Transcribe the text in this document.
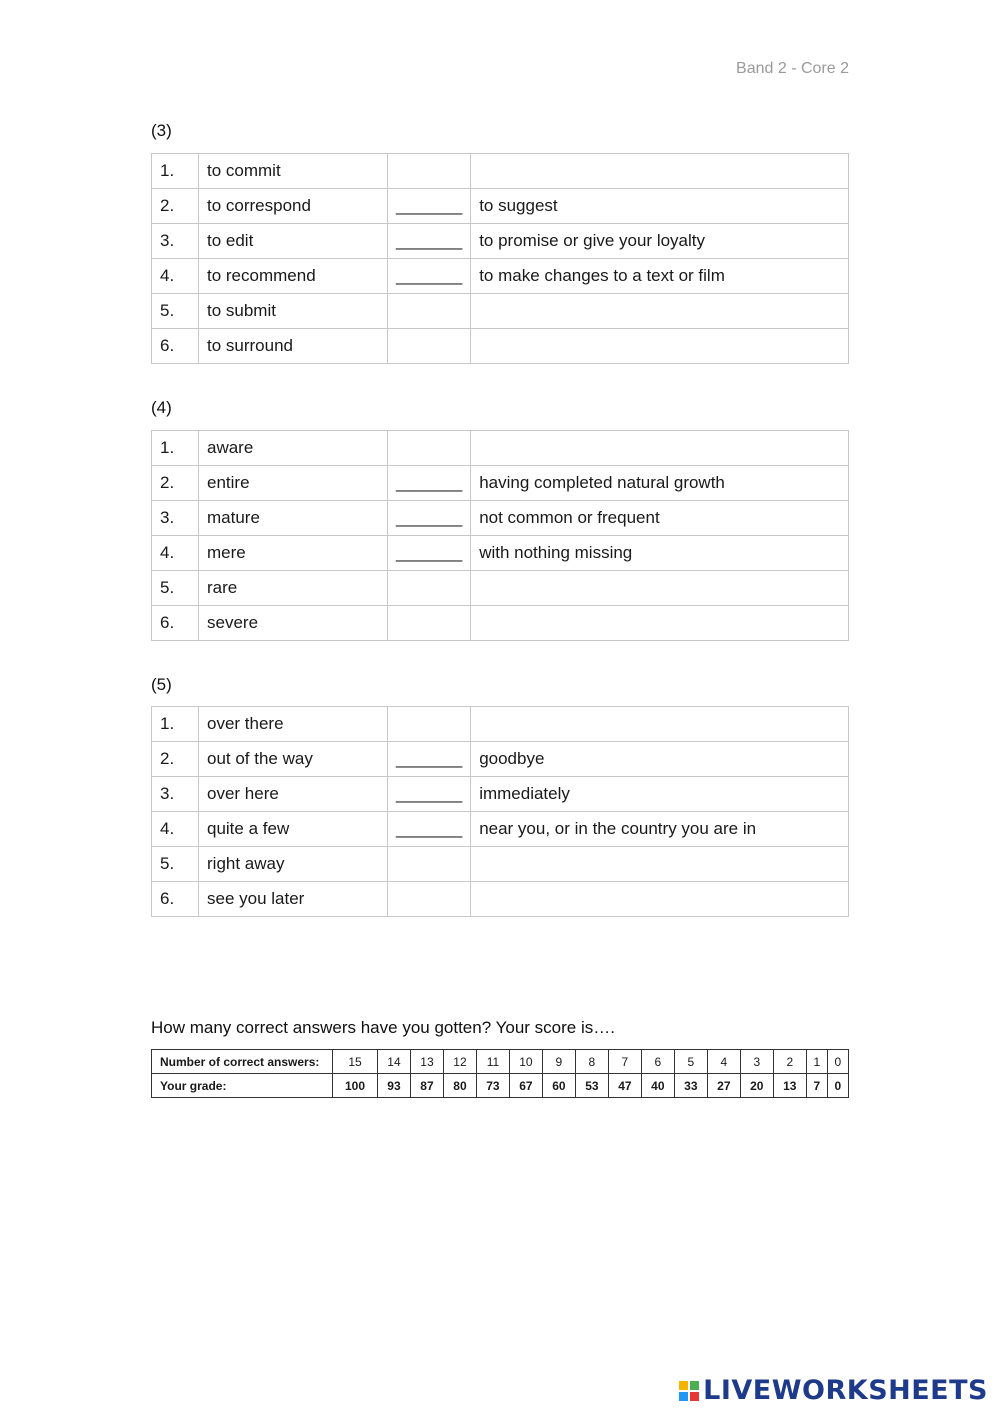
Band 2 - Core 2
(3)
1.	to commit		
2.	to correspond	_______	to suggest
3.	to edit	_______	to promise or give your loyalty
4.	to recommend	_______	to make changes to a text or film
5.	to submit		
6.	to surround		
(4)
1.	aware		
2.	entire	_______	having completed natural growth
3.	mature	_______	not common or frequent
4.	mere	_______	with nothing missing
5.	rare		
6.	severe		
(5)
1.	over there		
2.	out of the way	_______	goodbye
3.	over here	_______	immediately
4.	quite a few	_______	near you, or in the country you are in
5.	right away		
6.	see you later		
How many correct answers have you gotten? Your score is….
Number of correct answers:	15	14	13	12	11	10	9	8	7	6	5	4	3	2	1	0
Your grade:	100	93	87	80	73	67	60	53	47	40	33	27	20	13	7	0
LIVEWORKSHEETS
